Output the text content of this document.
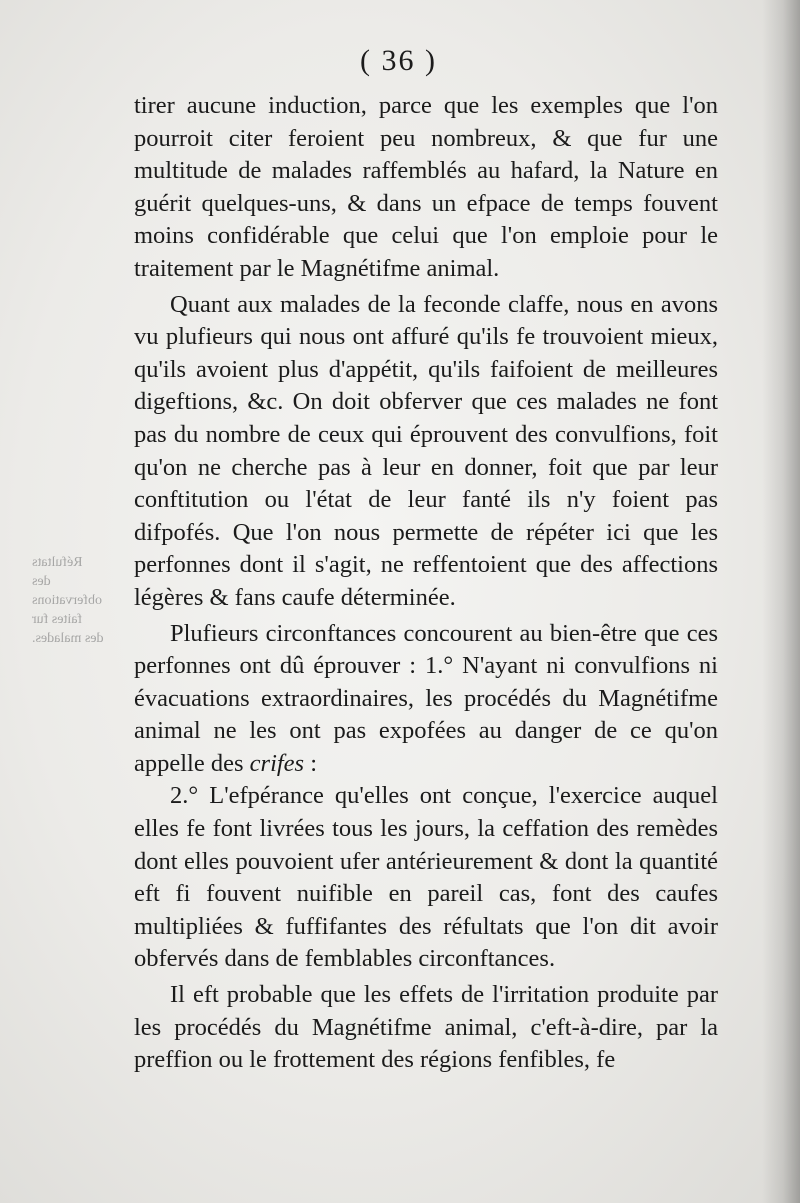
( 36 )
Réfultats
des
obfervations
faites fur
des malades.

tirer aucune induction, parce que les exemples que l'on pourroit citer feroient peu nombreux, & que fur une multitude de malades raffemblés au hafard, la Nature en guérit quelques-uns, & dans un efpace de temps fouvent moins confidérable que celui que l'on emploie pour le traitement par le Magnétifme animal.

Quant aux malades de la feconde claffe, nous en avons vu plufieurs qui nous ont affuré qu'ils fe trouvoient mieux, qu'ils avoient plus d'appétit, qu'ils faifoient de meilleures digeftions, &c. On doit obferver que ces malades ne font pas du nombre de ceux qui éprouvent des convulfions, foit qu'on ne cherche pas à leur en donner, foit que par leur conftitution ou l'état de leur fanté ils n'y foient pas difpofés. Que l'on nous permette de répéter ici que les perfonnes dont il s'agit, ne reffentoient que des affections légères & fans caufe déterminée.

Plufieurs circonftances concourent au bien-être que ces perfonnes ont dû éprouver : 1.° N'ayant ni convulfions ni évacuations extraordinaires, les procédés du Magnétifme animal ne les ont pas expofées au danger de ce qu'on appelle des crifes :

2.° L'efpérance qu'elles ont conçue, l'exercice auquel elles fe font livrées tous les jours, la ceffation des remèdes dont elles pouvoient ufer antérieurement & dont la quantité eft fi fouvent nuifible en pareil cas, font des caufes multipliées & fuffifantes des réfultats que l'on dit avoir obfervés dans de femblables circonftances.

Il eft probable que les effets de l'irritation produite par les procédés du Magnétifme animal, c'eft-à-dire, par la preffion ou le frottement des régions fenfibles, fe
